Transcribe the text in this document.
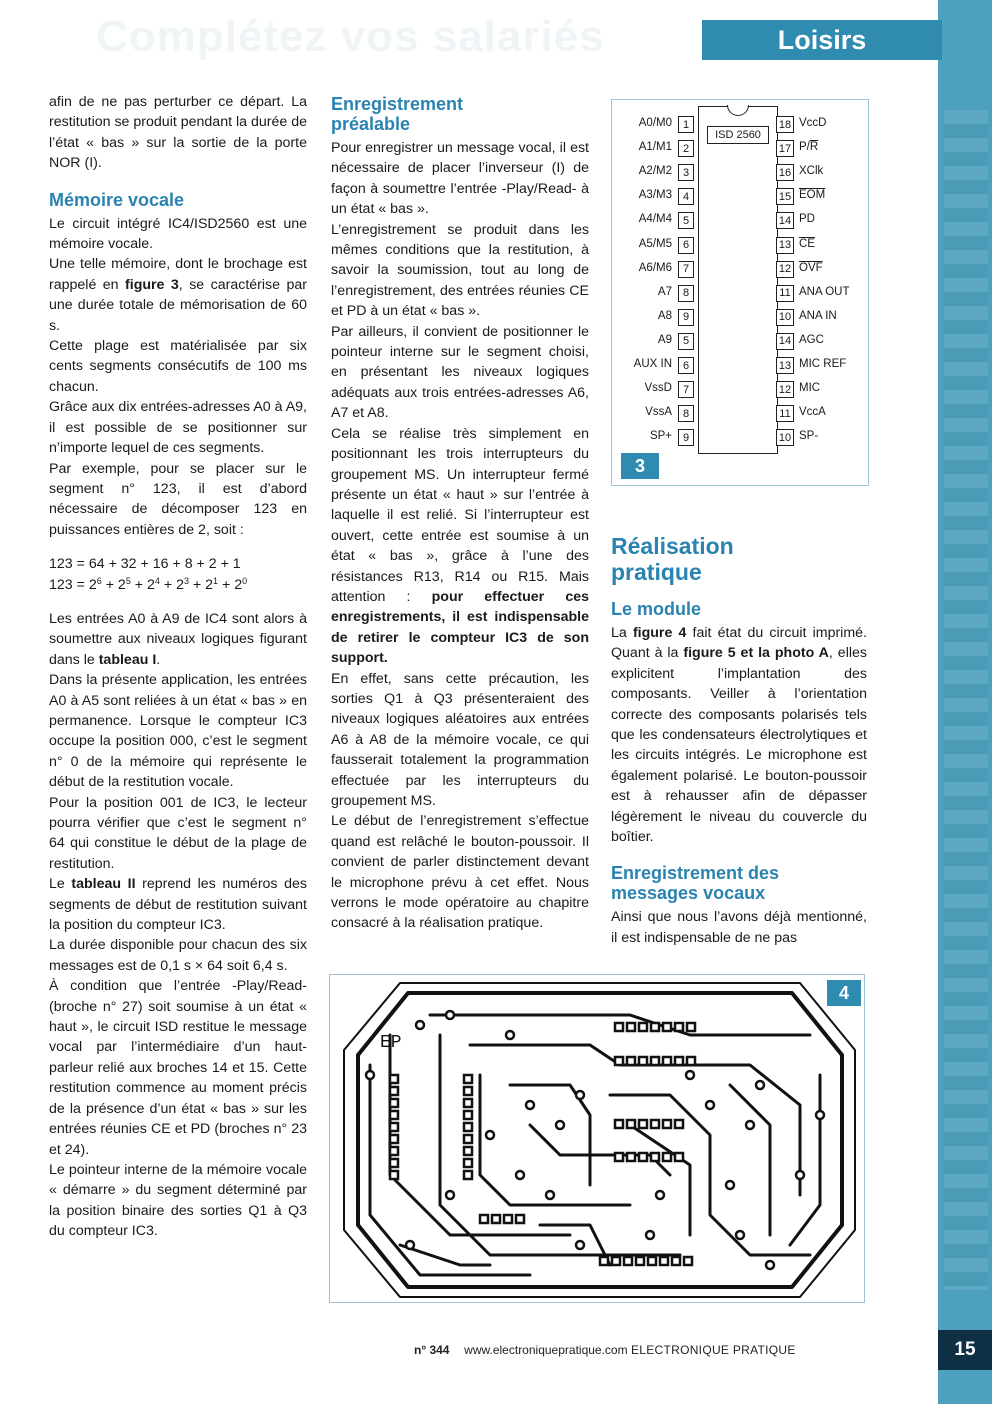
Complétez vos salariés	Loisirs

afin de ne pas perturber ce départ. La restitution se produit pendant la durée de l’état « bas » sur la sortie de la porte NOR (I).

Mémoire vocale

Le circuit intégré IC4/ISD2560 est une mémoire vocale.

Une telle mémoire, dont le brochage est rappelé en figure 3, se caractérise par une durée totale de mémorisation de 60 s.

Cette plage est matérialisée par six cents segments consécutifs de 100 ms chacun.

Grâce aux dix entrées-adresses A0 à A9, il est possible de se positionner sur n’importe lequel de ces segments.

Par exemple, pour se placer sur le segment n° 123, il est d’abord nécessaire de décomposer 123 en puissances entières de 2, soit :

123 = 64 + 32 + 16 + 8 + 2 + 1
$123 = 2^6 + 2^5 + 2^4 + 2^3 + 2^1 + 2^0$

Les entrées A0 à A9 de IC4 sont alors à soumettre aux niveaux logiques figurant dans le tableau I.

Dans la présente application, les entrées A0 à A5 sont reliées à un état « bas » en permanence. Lorsque le compteur IC3 occupe la position 000, c’est le segment n° 0 de la mémoire qui représente le début de la restitution vocale.

Pour la position 001 de IC3, le lecteur pourra vérifier que c’est le segment n° 64 qui constitue le début de la plage de restitution.

Le tableau II reprend les numéros des segments de début de restitution suivant la position du compteur IC3.

La durée disponible pour chacun des six messages est de 0,1 s × 64 soit 6,4 s.

À condition que l’entrée -Play/Read- (broche n° 27) soit soumise à un état « haut », le circuit ISD restitue le message vocal par l’intermédiaire d’un haut-parleur relié aux broches 14 et 15. Cette restitution commence au moment précis de la présence d’un état « bas » sur les entrées réunies CE et PD (broches n° 23 et 24).

Le pointeur interne de la mémoire vocale « démarre » du segment déterminé par la position binaire des sorties Q1 à Q3 du compteur IC3.

Enregistrement préalable

Pour enregistrer un message vocal, il est nécessaire de placer l’inverseur (I) de façon à soumettre l’entrée -Play/Read- à un état « bas ».

L’enregistrement se produit dans les mêmes conditions que la restitution, à savoir la soumission, tout au long de l’enregistrement, des entrées réunies CE et PD à un état « bas ».

Par ailleurs, il convient de positionner le pointeur interne sur le segment choisi, en présentant les niveaux logiques adéquats aux trois entrées-adresses A6, A7 et A8.

Cela se réalise très simplement en positionnant les trois interrupteurs du groupement MS. Un interrupteur fermé présente un état « haut » sur l’entrée à laquelle il est relié. Si l’interrupteur est ouvert, cette entrée est soumise à un état « bas », grâce à l’une des résistances R13, R14 ou R15. Mais attention : pour effectuer ces enregistrements, il est indispensable de retirer le compteur IC3 de son support.

En effet, sans cette précaution, les sorties Q1 à Q3 présenteraient des niveaux logiques aléatoires aux entrées A6 à A8 de la mémoire vocale, ce qui fausserait totalement la programmation effectuée par les interrupteurs du groupement MS.

Le début de l’enregistrement s’effectue quand est relâché le bouton-poussoir. Il convient de parler distinctement devant le microphone prévu à cet effet. Nous verrons le mode opératoire au chapitre consacré à la réalisation pratique.

ISD 2560
A0/M0 1
A1/M1 2
A2/M2 3
A3/M3 4
A4/M4 5
A5/M5 6
A6/M6 7
A7 8
A8 9
A9 5
AUX IN 6
VssD 7
VssA 8
SP+ 9
18 VccD
17 $P/\overline{R}$
16 XClk
15 $\overline{EOM}$
14 PD
13 $\overline{CE}$
12 $\overline{OVF}$
11 ANA OUT
10 ANA IN
14 AGC
13 MIC REF
12 MIC
11 VccA
10 SP-
3
Réalisation pratique
Le module

La figure 4 fait état du circuit imprimé. Quant à la figure 5 et la photo A, elles explicitent l’implantation des composants. Veiller à l’orientation correcte des composants polarisés tels que les condensateurs électrolytiques et les circuits intégrés. Le microphone est également polarisé. Le bouton-poussoir est à rehausser afin de dépasser légèrement le niveau du couvercle du boîtier.

Enregistrement des messages vocaux

Ainsi que nous l’avons déjà mentionné, il est indispensable de ne pas

EP
4
n° 344 www.electroniquepratique.com ELECTRONIQUE PRATIQUE	15
